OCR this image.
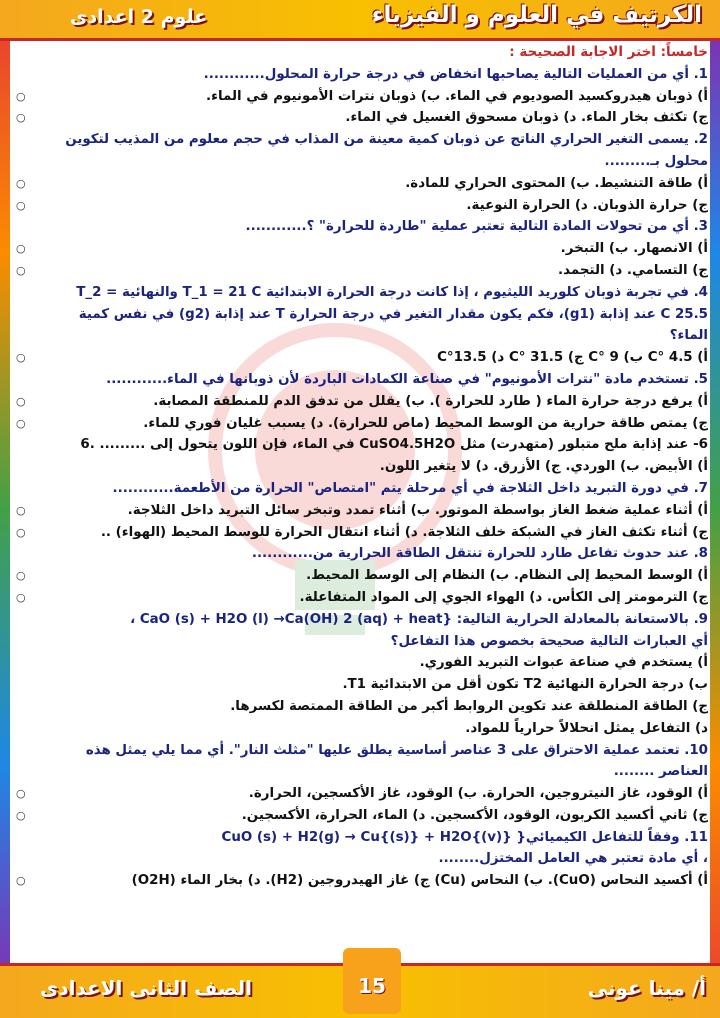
الكرتيف في العلوم و الفيزياء
علوم 2 اعدادى
خامساً: اختر الاجابة الصحيحة :
1. أي من العمليات التالية يصاحبها انخفاض في درجة حرارة المحلول............
أ) ذوبان هيدروكسيد الصوديوم في الماء. ب) ذوبان نترات الأمونيوم في الماء.
○
ج) تكثف بخار الماء. د) ذوبان مسحوق الغسيل في الماء.
○
2. يسمى التغير الحراري الناتج عن ذوبان كمية معينة من المذاب في حجم معلوم من المذيب لتكوين
محلول بـ.........
أ) طاقة التنشيط. ب) المحتوى الحراري للمادة.
○
ج) حرارة الذوبان. د) الحرارة النوعية.
○
3. أي من تحولات المادة التالية تعتبر عملية "طاردة للحرارة" ؟............
أ) الانصهار. ب) التبخر.
○
ج) التسامي. د) التجمد.
○
4. في تجربة ذوبان كلوريد الليثيوم ، إذا كانت درجة الحرارة الابتدائية T_1 = 21 C والنهائية = T_2
25.5 C عند إذابة (g1)، فكم يكون مقدار التغير في درجة الحرارة T عند إذابة (g2) في نفس كمية
الماء؟
أ) C° 4.5 ب) C° 9 ج) C° 31.5 د) C°13.5
○
5. تستخدم مادة "نترات الأمونيوم" في صناعة الكمادات الباردة لأن ذوبانها في الماء............
أ) يرفع درجة حرارة الماء ( طارد للحرارة ). ب) يقلل من تدفق الدم للمنطقة المصابة.
○
ج) يمتص طاقة حرارية من الوسط المحيط (ماص للحرارة). د) يسبب غليان فوري للماء.
○
6- عند إذابة ملح متبلور (متهدرت) مثل CuSO4.5H2O في الماء، فإن اللون يتحول إلى ......... .6
أ) الأبيض. ب) الوردي. ج) الأزرق. د) لا يتغير اللون.
7. في دورة التبريد داخل الثلاجة في أي مرحلة يتم "امتصاص" الحرارة من الأطعمة............
أ) أثناء عملية ضغط الغاز بواسطة الموتور. ب) أثناء تمدد وتبخر سائل التبريد داخل الثلاجة.
○
ج) أثناء تكثف الغاز في الشبكة خلف الثلاجة. د) أثناء انتقال الحرارة للوسط المحيط (الهواء) ..
○
8. عند حدوث تفاعل طارد للحرارة تنتقل الطاقة الحرارية من............
أ) الوسط المحيط إلى النظام. ب) النظام إلى الوسط المحيط.
○
ج) الترمومتر إلى الكأس. د) الهواء الجوي إلى المواد المتفاعلة.
○
9. بالاستعانة بالمعادلة الحرارية التالية: {CaO (s) + H2O (l) →Ca(OH) 2 (aq) + heat ،
أي العبارات التالية صحيحة بخصوص هذا التفاعل؟
أ) يستخدم في صناعة عبوات التبريد الفوري.
ب) درجة الحرارة النهائية T2 تكون أقل من الابتدائية T1.
ج) الطاقة المنطلقة عند تكوين الروابط أكبر من الطاقة الممتصة لكسرها.
د) التفاعل يمثل انحلالاً حرارياً للمواد.
10. تعتمد عملية الاحتراق على 3 عناصر أساسية يطلق عليها "مثلث النار". أي مما يلي يمثل هذه
العناصر ........
أ) الوقود، غاز النيتروجين، الحرارة. ب) الوقود، غاز الأكسجين، الحرارة.
○
ج) ثاني أكسيد الكربون، الوقود، الأكسجين. د) الماء، الحرارة، الأكسجين.
○
11. وفقاً للتفاعل الكيميائي{ CuO (s) + H2(g) → Cu{(s)} + H2O{(v)}
، أي مادة تعتبر هي العامل المختزل........
أ) أكسيد النحاس (CuO). ب) النحاس (Cu) ج) غاز الهيدروجين (H2). د) بخار الماء (O2H)
○
أ/ مينا عونى
الصف الثانى الاعدادى	15
